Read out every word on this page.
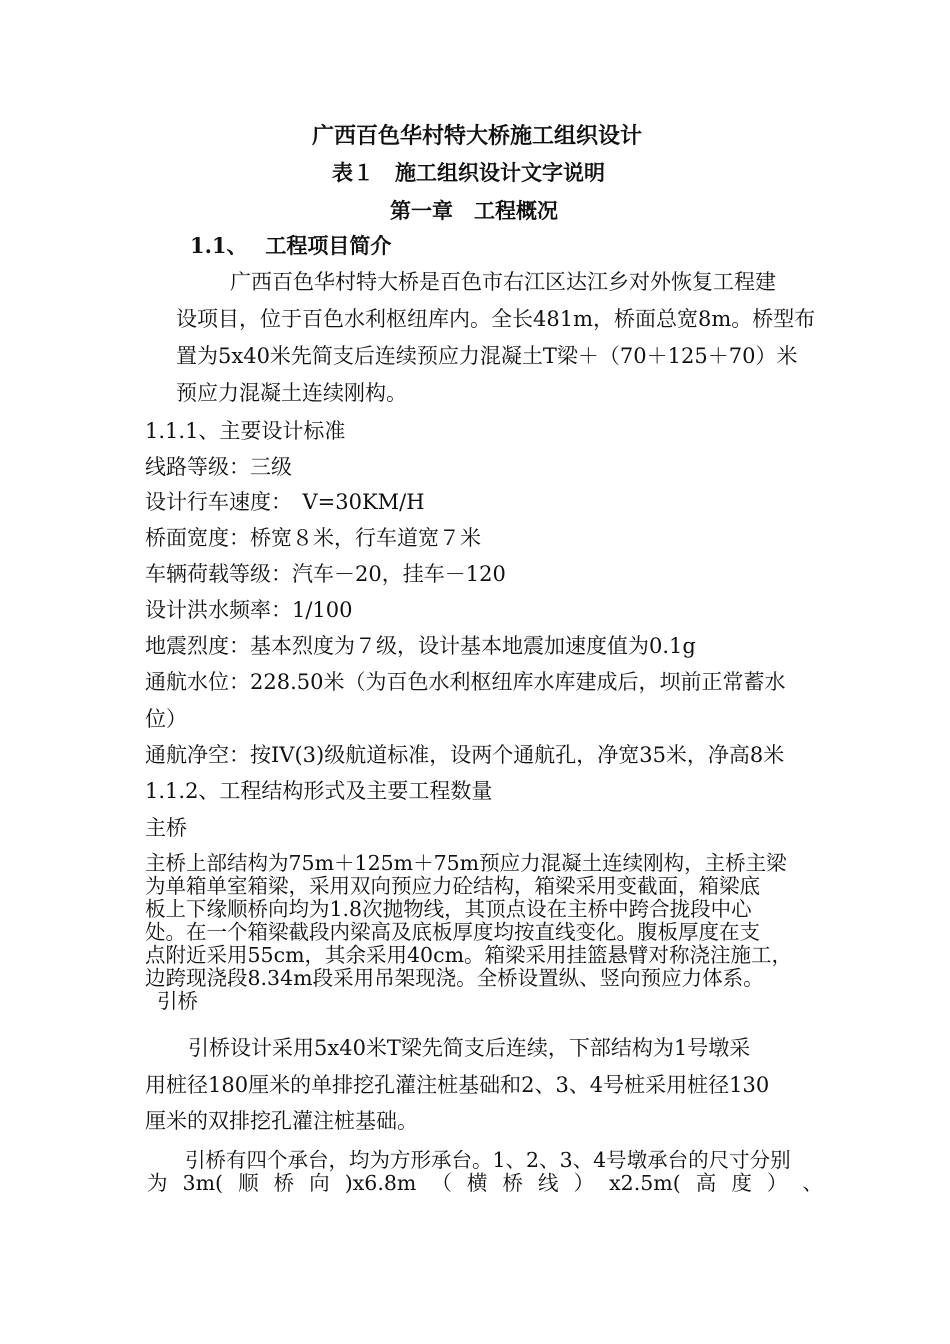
广西百色华村特大桥施工组织设计
表１　施工组织设计文字说明
第一章　工程概况
1.1、　 工程项目简介
广西百色华村特大桥是百色市右江区达江乡对外恢复工程建
设项目，位于百色水利枢纽库内。全长481m，桥面总宽8m。桥型布
置为5x40米先简支后连续预应力混凝土T梁＋（70＋125＋70）米
预应力混凝土连续刚构。
1.1.1、主要设计标准
线路等级：三级
设计行车速度：　V=30KM/H
桥面宽度：桥宽８米，行车道宽７米
车辆荷载等级：汽车－20，挂车－120
设计洪水频率：1/100
地震烈度：基本烈度为７级，设计基本地震加速度值为0.1g
通航水位：228.50米（为百色水利枢纽库水库建成后，坝前正常蓄水
位）
通航净空：按IV(3)级航道标准，设两个通航孔，净宽35米，净高8米
1.1.2、工程结构形式及主要工程数量
主桥
主桥上部结构为75m＋125m＋75m预应力混凝土连续刚构，主桥主梁
为单箱单室箱梁，采用双向预应力砼结构，箱梁采用变截面，箱梁底
板上下缘顺桥向均为1.8次抛物线，其顶点设在主桥中跨合拢段中心
处。在一个箱梁截段内梁高及底板厚度均按直线变化。腹板厚度在支
点附近采用55cm，其余采用40cm。箱梁采用挂篮悬臂对称浇注施工，
边跨现浇段8.34m段采用吊架现浇。全桥设置纵、竖向预应力体系。
引桥
引桥设计采用5x40米T梁先简支后连续，下部结构为1号墩采
用桩径180厘米的单排挖孔灌注桩基础和2、3、4号桩采用桩径130
厘米的双排挖孔灌注桩基础。
引桥有四个承台，均为方形承台。1、2、3、4号墩承台的尺寸分别
为 3m( 顺 桥 向 )x6.8m （ 横 桥 线 ） x2.5m( 高 度 ） 、
